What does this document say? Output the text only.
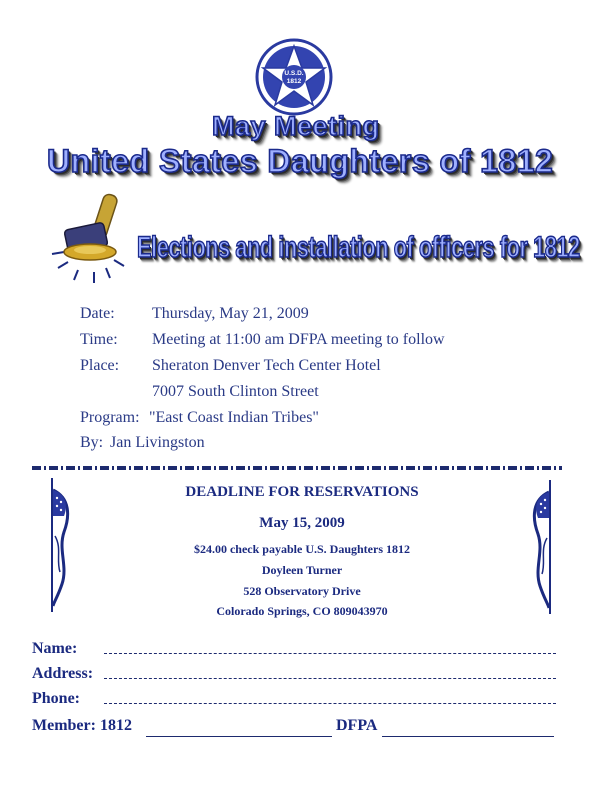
U.S.D.
1812
May Meeting
United States Daughters of 1812
Elections and installation of officers for 1812
Date: Thursday, May 21, 2009
Time: Meeting at 11:00 am DFPA meeting to follow
Place: Sheraton Denver Tech Center Hotel
7007 South Clinton Street
Program: "East Coast Indian Tribes"
By: Jan Livingston
DEADLINE FOR RESERVATIONS
May 15, 2009
$24.00 check payable U.S. Daughters 1812
Doyleen Turner
528 Observatory Drive
Colorado Springs, CO 809043970
Name:
Address:
Phone:
Member: 1812	DFPA
